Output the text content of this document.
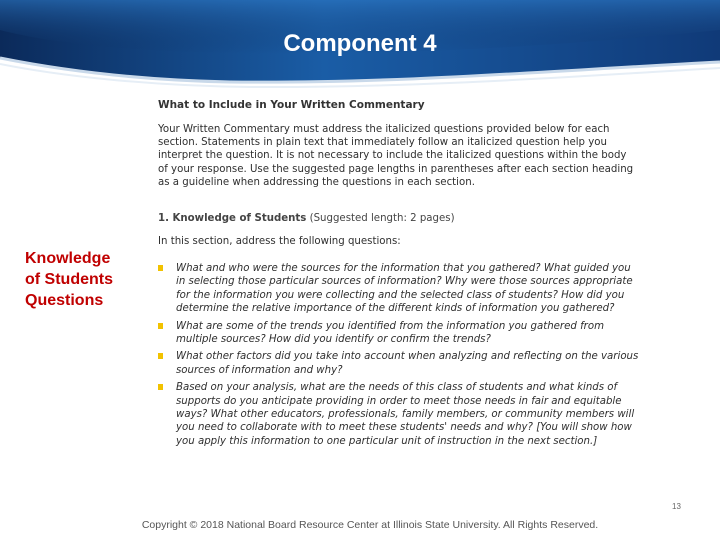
Component 4
Knowledge
of Students
Questions
What to Include in Your Written Commentary
Your Written Commentary must address the italicized questions provided below for each
section. Statements in plain text that immediately follow an italicized question help you
interpret the question. It is not necessary to include the italicized questions within the body
of your response. Use the suggested page lengths in parentheses after each section heading
as a guideline when addressing the questions in each section.
1. Knowledge of Students (Suggested length: 2 pages)
In this section, address the following questions:
What and who were the sources for the information that you gathered? What guided you
in selecting those particular sources of information? Why were those sources appropriate
for the information you were collecting and the selected class of students? How did you
determine the relative importance of the different kinds of information you gathered?
What are some of the trends you identified from the information you gathered from
multiple sources? How did you identify or confirm the trends?
What other factors did you take into account when analyzing and reflecting on the various
sources of information and why?
Based on your analysis, what are the needs of this class of students and what kinds of
supports do you anticipate providing in order to meet those needs in fair and equitable
ways? What other educators, professionals, family members, or community members will
you need to collaborate with to meet these students' needs and why? [You will show how
you apply this information to one particular unit of instruction in the next section.]
13
Copyright © 2018 National Board Resource Center at Illinois State University. All Rights Reserved.
